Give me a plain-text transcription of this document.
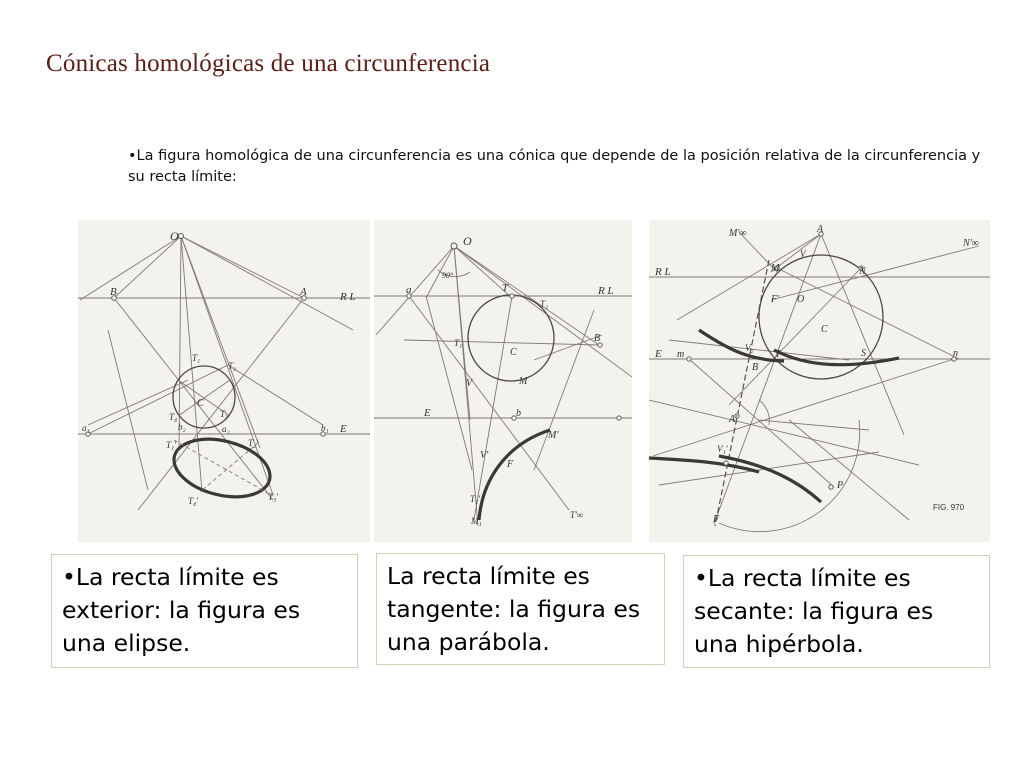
Cónicas homológicas de una circunferencia

•La figura homológica de una circunferencia es una cónica que depende de la posición relativa de la circunferencia y su recta límite:

O
B	A	R L
T₁
T₂
C
T₄	T₃
b₂	a₂
a₁	b₁ E
T₁'	T₂'
T₄'	T₃'
O
90°
a	T
T₂
R L
T₁
C
B
V	M
E	b
M'
V'
F
T₁'
T'∞
M₁
M'∞	A
N'∞
R L	M
V
N
F' O
C
E m
V₂
B
T	S	n
A'
V₁'
P
F
FIG. 970
•La recta límite es exterior: la figura es una elipse.
La recta límite es tangente: la figura es una parábola.
•La recta límite es secante: la figura es una hipérbola.
